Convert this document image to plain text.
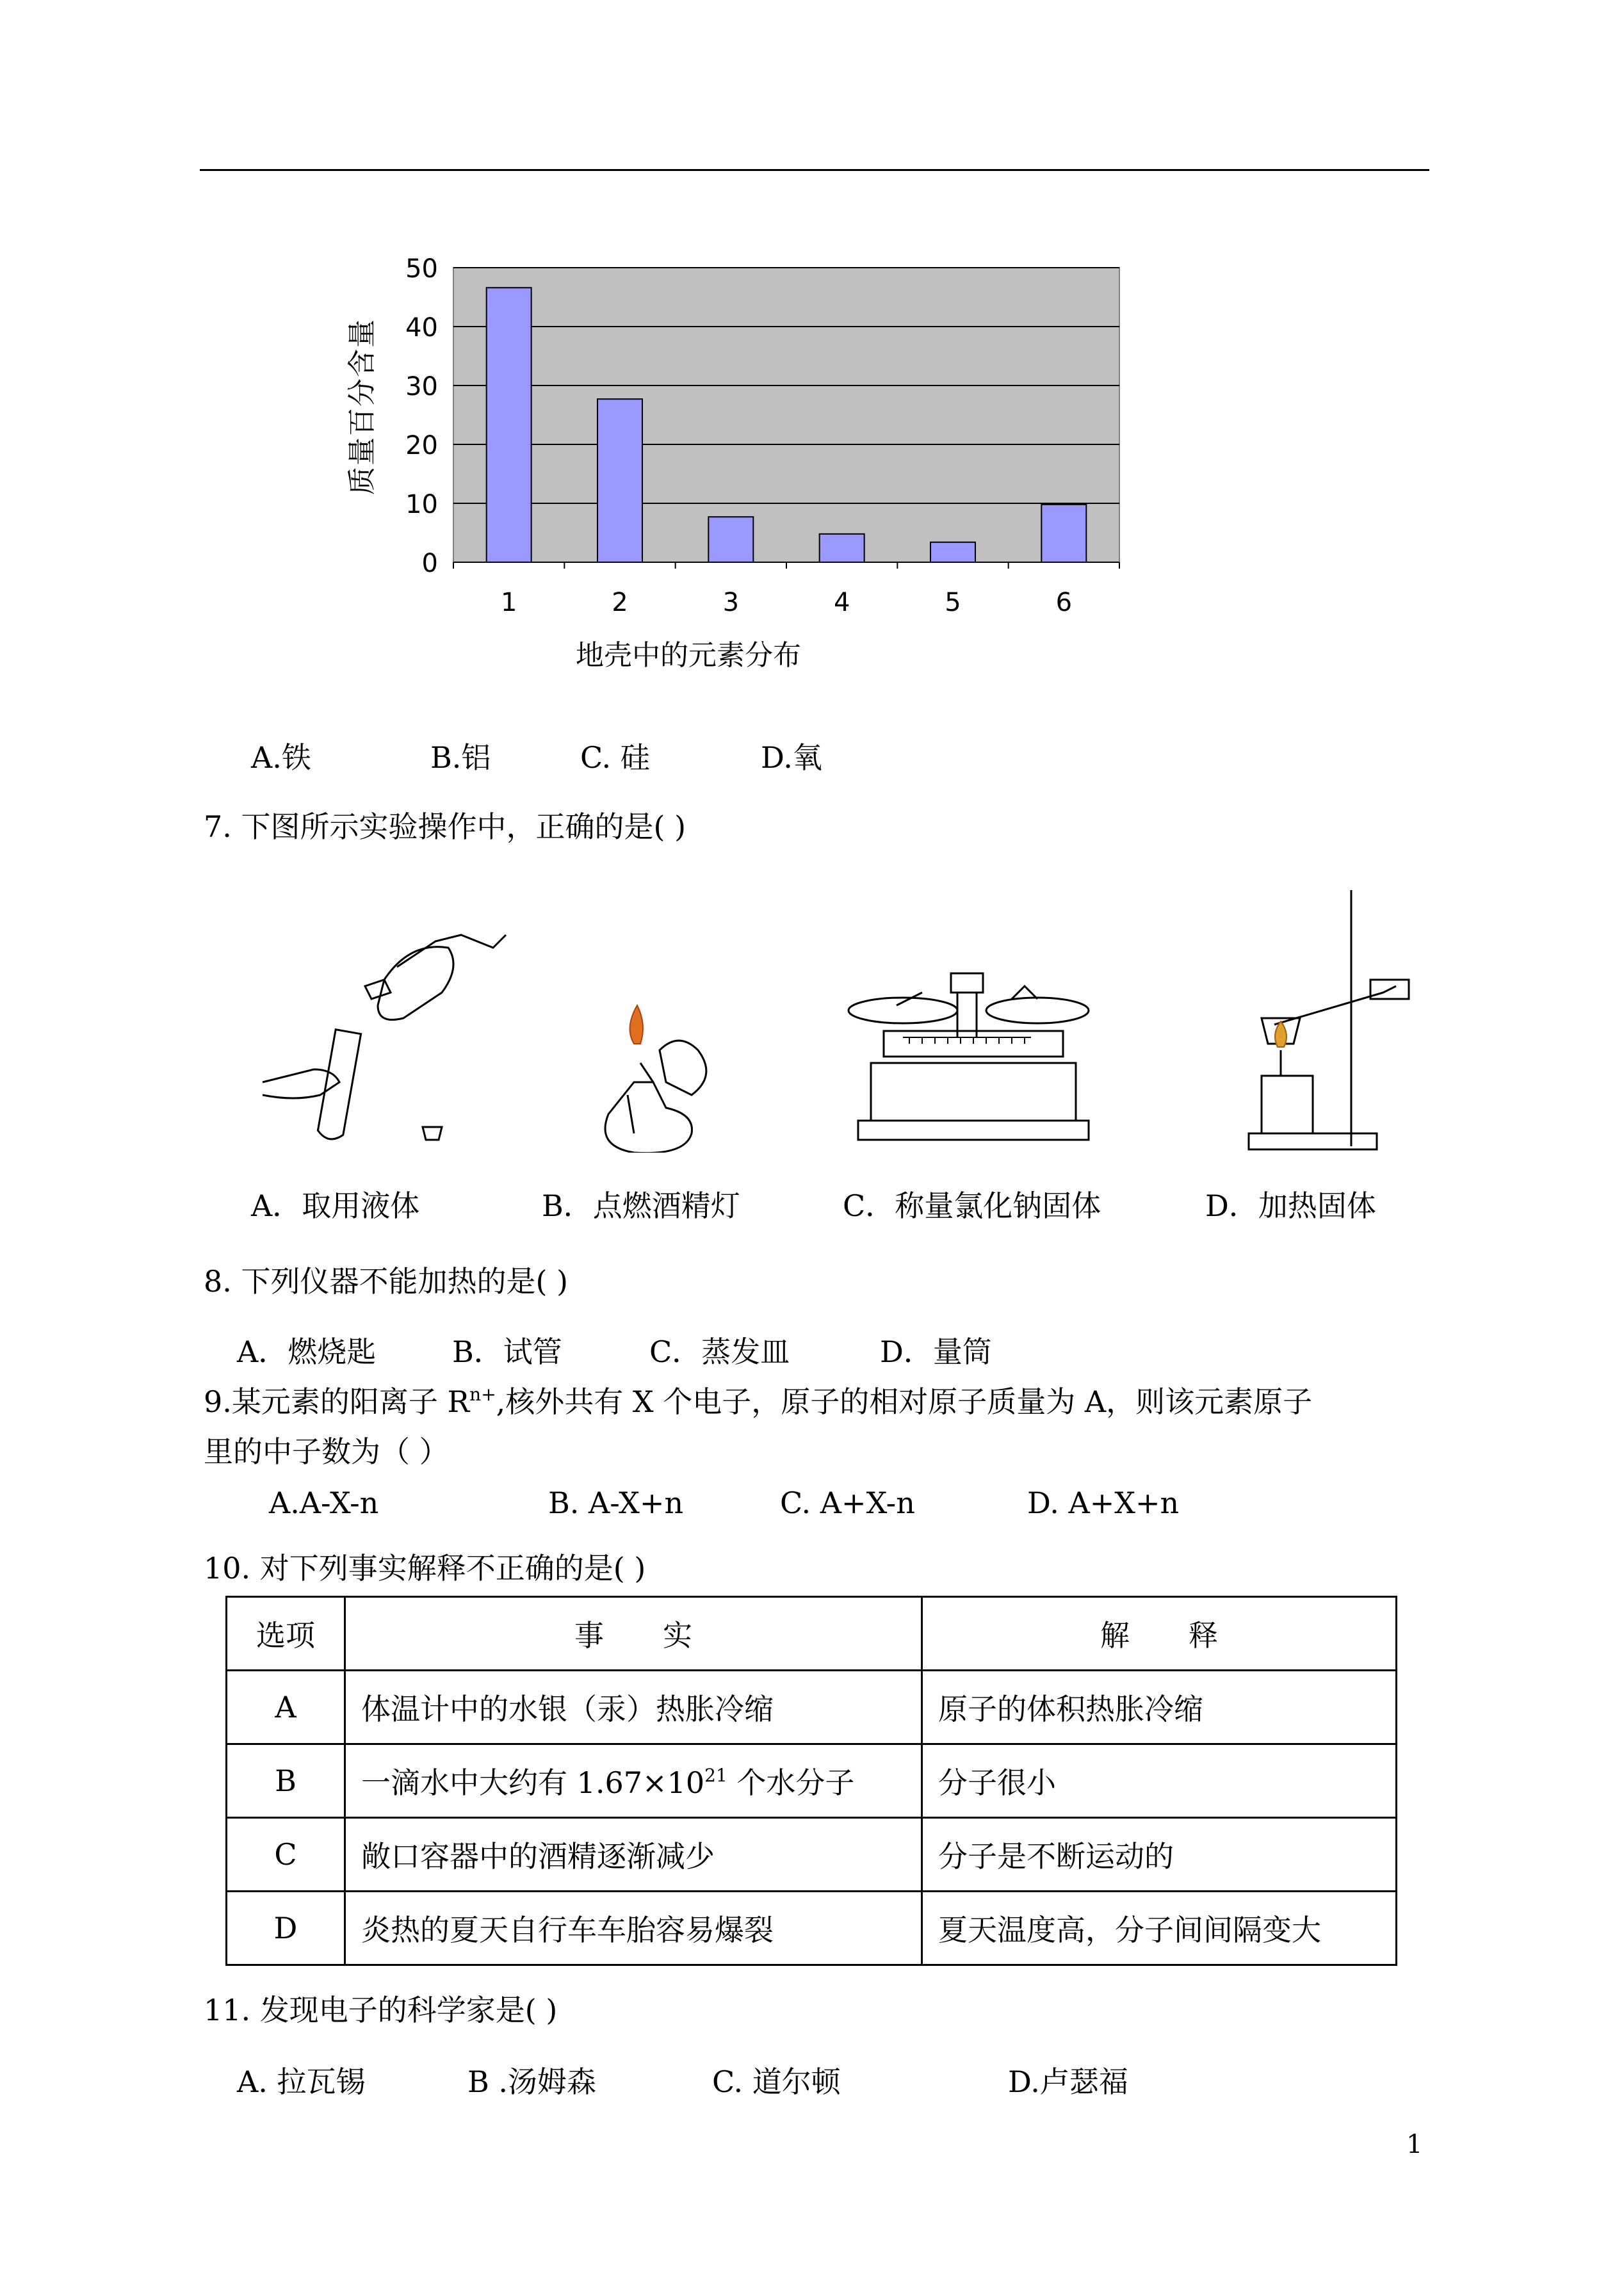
0
10
20
30
40
50
1	2	3	4	5	6
质量百分含量
地壳中的元素分布
A.铁	B.铝	C. 硅	D.氧
7. 下图所示实验操作中，正确的是( )
A．取用液体	B．点燃酒精灯	C．称量氯化钠固体	D．加热固体
8. 下列仪器不能加热的是( )
A．燃烧匙	B．试管	C．蒸发皿	D．量筒
9.某元素的阳离子 $R^{n+}$,核外共有 X 个电子，原子的相对原子质量为 A，则该元素原子
里的中子数为（ ）
A.A-X-n	B. A-X+n	C. A+X-n	D. A+X+n
10. 对下列事实解释不正确的是( )
选项	事　　实	解　　释
A	体温计中的水银（汞）热胀冷缩	原子的体积热胀冷缩
B	一滴水中大约有 $1.67\times 10^{21}$ 个水分子	分子很小
C	敞口容器中的酒精逐渐减少	分子是不断运动的
D	炎热的夏天自行车车胎容易爆裂	夏天温度高，分子间间隔变大
11. 发现电子的科学家是( )
A. 拉瓦锡	B .汤姆森	C. 道尔顿	D.卢瑟福
1
